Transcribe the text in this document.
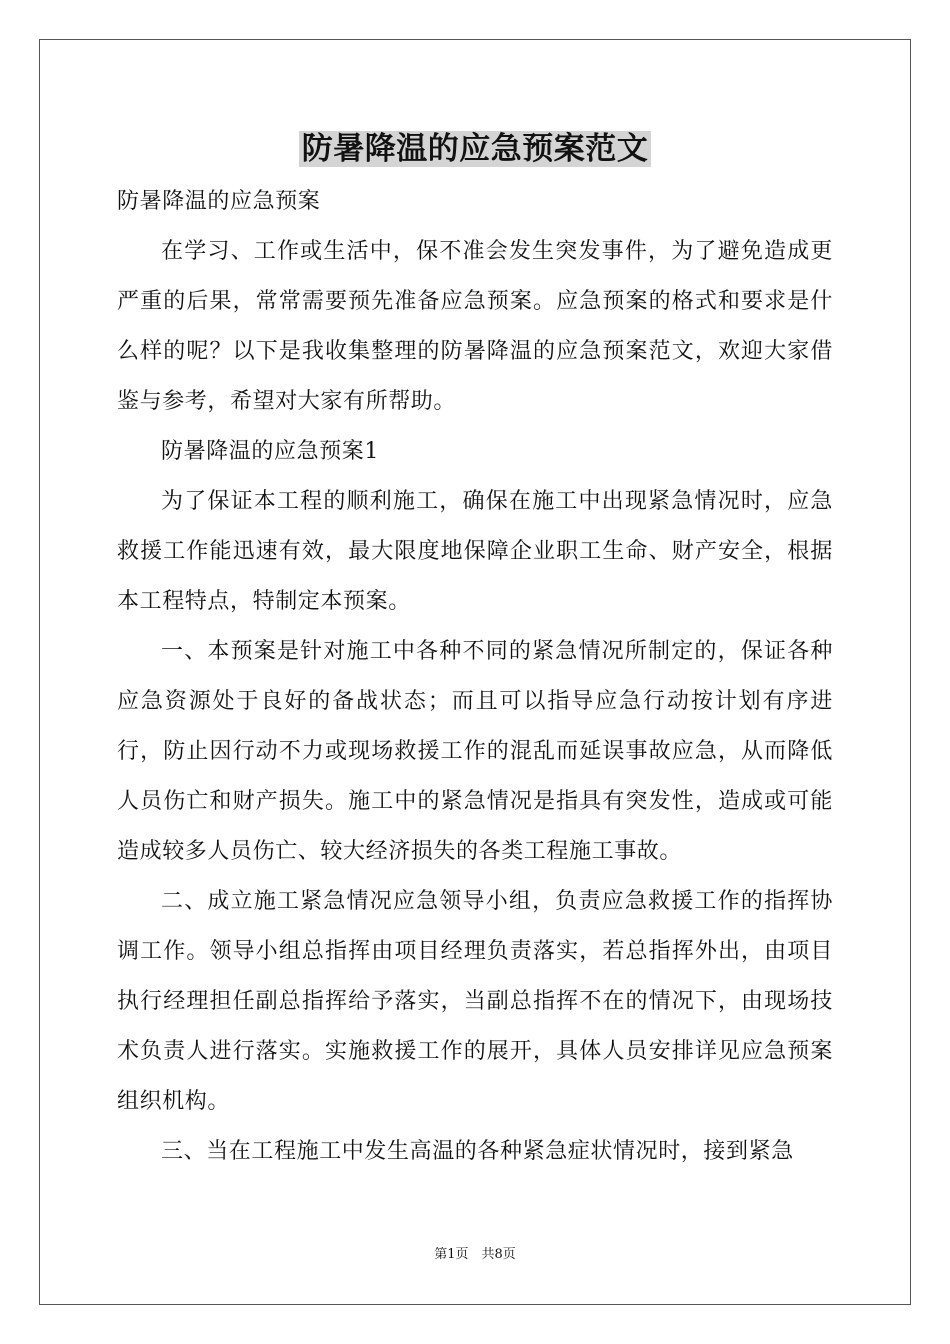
防暑降温的应急预案范文

防暑降温的应急预案

在学习、工作或生活中，保不准会发生突发事件，为了避免造成更严重的后果，常常需要预先准备应急预案。应急预案的格式和要求是什么样的呢？以下是我收集整理的防暑降温的应急预案范文，欢迎大家借鉴与参考，希望对大家有所帮助。

防暑降温的应急预案1

为了保证本工程的顺利施工，确保在施工中出现紧急情况时，应急救援工作能迅速有效，最大限度地保障企业职工生命、财产安全，根据本工程特点，特制定本预案。

一、本预案是针对施工中各种不同的紧急情况所制定的，保证各种应急资源处于良好的备战状态；而且可以指导应急行动按计划有序进行，防止因行动不力或现场救援工作的混乱而延误事故应急，从而降低人员伤亡和财产损失。施工中的紧急情况是指具有突发性，造成或可能造成较多人员伤亡、较大经济损失的各类工程施工事故。

二、成立施工紧急情况应急领导小组，负责应急救援工作的指挥协调工作。领导小组总指挥由项目经理负责落实，若总指挥外出，由项目执行经理担任副总指挥给予落实，当副总指挥不在的情况下，由现场技术负责人进行落实。实施救援工作的展开，具体人员安排详见应急预案组织机构。

三、当在工程施工中发生高温的各种紧急症状情况时，接到紧急

第1页　共8页
